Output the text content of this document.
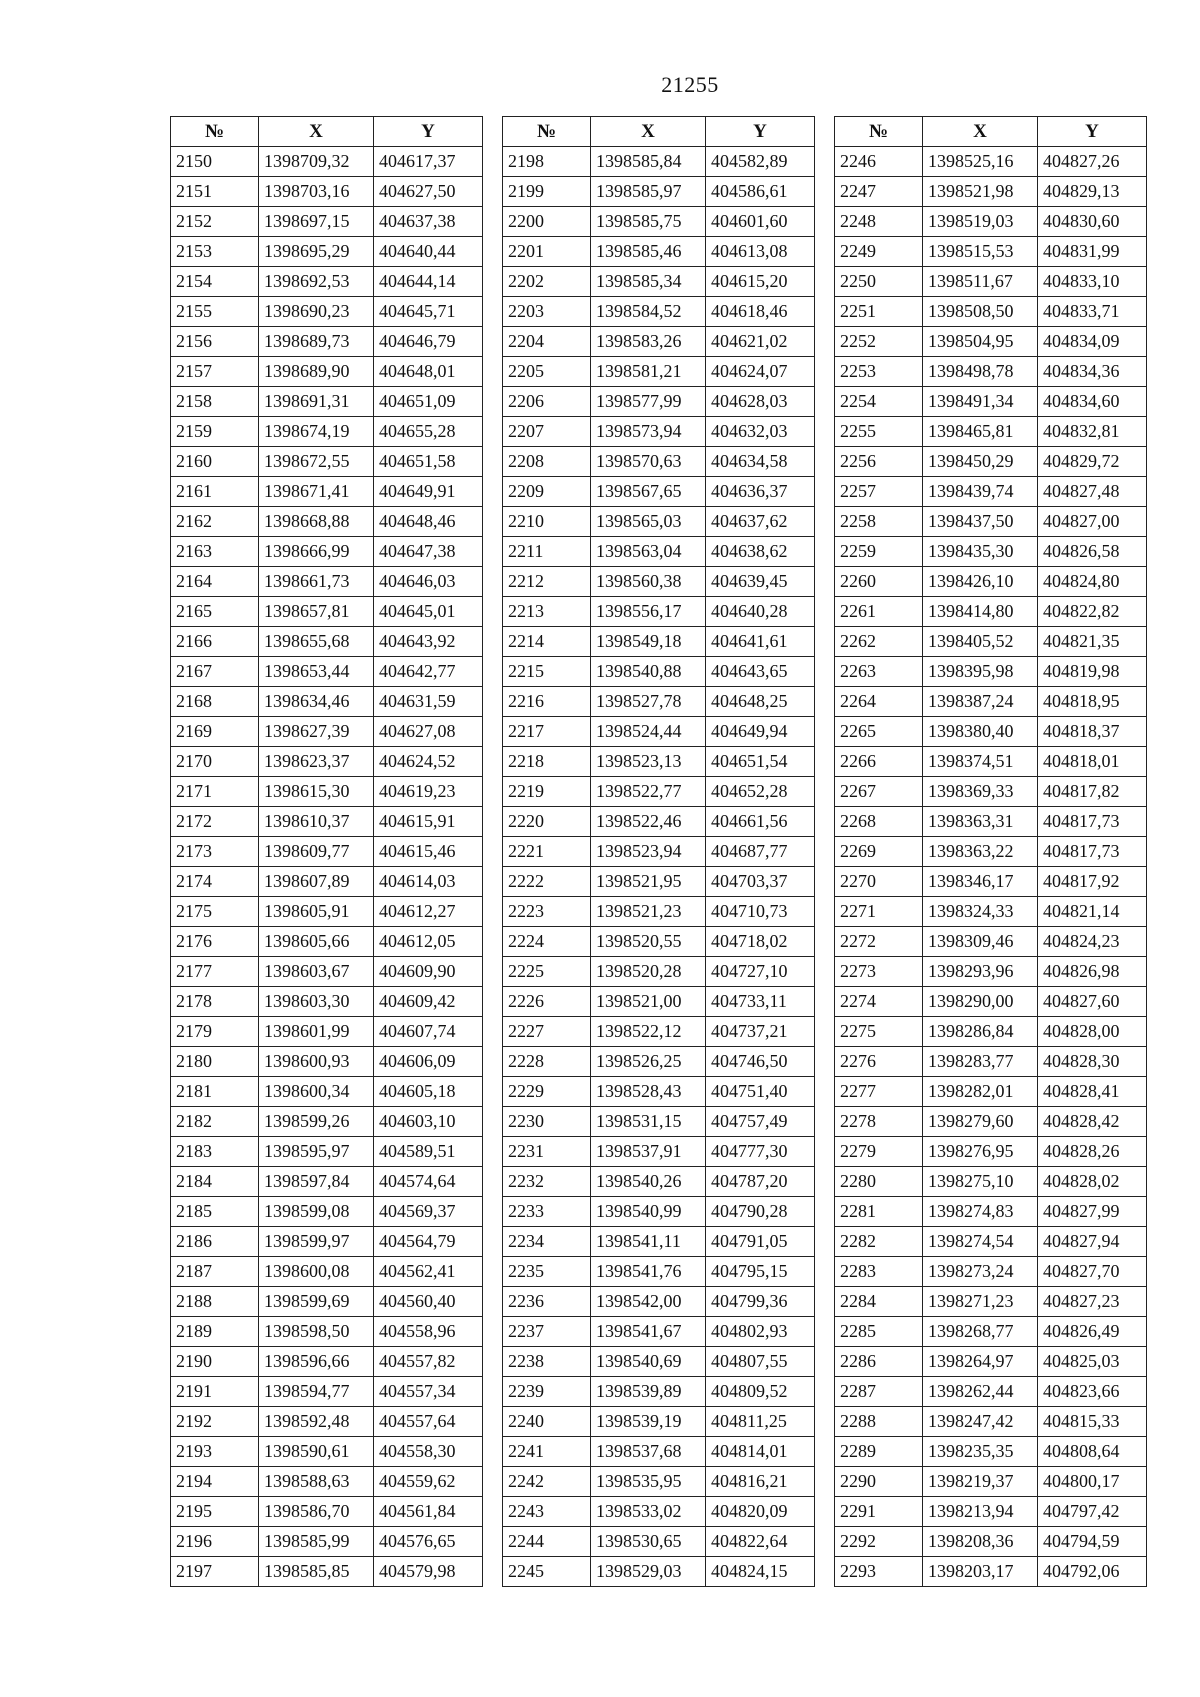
21255
№	X	Y
2150	1398709,32	404617,37
2151	1398703,16	404627,50
2152	1398697,15	404637,38
2153	1398695,29	404640,44
2154	1398692,53	404644,14
2155	1398690,23	404645,71
2156	1398689,73	404646,79
2157	1398689,90	404648,01
2158	1398691,31	404651,09
2159	1398674,19	404655,28
2160	1398672,55	404651,58
2161	1398671,41	404649,91
2162	1398668,88	404648,46
2163	1398666,99	404647,38
2164	1398661,73	404646,03
2165	1398657,81	404645,01
2166	1398655,68	404643,92
2167	1398653,44	404642,77
2168	1398634,46	404631,59
2169	1398627,39	404627,08
2170	1398623,37	404624,52
2171	1398615,30	404619,23
2172	1398610,37	404615,91
2173	1398609,77	404615,46
2174	1398607,89	404614,03
2175	1398605,91	404612,27
2176	1398605,66	404612,05
2177	1398603,67	404609,90
2178	1398603,30	404609,42
2179	1398601,99	404607,74
2180	1398600,93	404606,09
2181	1398600,34	404605,18
2182	1398599,26	404603,10
2183	1398595,97	404589,51
2184	1398597,84	404574,64
2185	1398599,08	404569,37
2186	1398599,97	404564,79
2187	1398600,08	404562,41
2188	1398599,69	404560,40
2189	1398598,50	404558,96
2190	1398596,66	404557,82
2191	1398594,77	404557,34
2192	1398592,48	404557,64
2193	1398590,61	404558,30
2194	1398588,63	404559,62
2195	1398586,70	404561,84
2196	1398585,99	404576,65
2197	1398585,85	404579,98
№	X	Y
2198	1398585,84	404582,89
2199	1398585,97	404586,61
2200	1398585,75	404601,60
2201	1398585,46	404613,08
2202	1398585,34	404615,20
2203	1398584,52	404618,46
2204	1398583,26	404621,02
2205	1398581,21	404624,07
2206	1398577,99	404628,03
2207	1398573,94	404632,03
2208	1398570,63	404634,58
2209	1398567,65	404636,37
2210	1398565,03	404637,62
2211	1398563,04	404638,62
2212	1398560,38	404639,45
2213	1398556,17	404640,28
2214	1398549,18	404641,61
2215	1398540,88	404643,65
2216	1398527,78	404648,25
2217	1398524,44	404649,94
2218	1398523,13	404651,54
2219	1398522,77	404652,28
2220	1398522,46	404661,56
2221	1398523,94	404687,77
2222	1398521,95	404703,37
2223	1398521,23	404710,73
2224	1398520,55	404718,02
2225	1398520,28	404727,10
2226	1398521,00	404733,11
2227	1398522,12	404737,21
2228	1398526,25	404746,50
2229	1398528,43	404751,40
2230	1398531,15	404757,49
2231	1398537,91	404777,30
2232	1398540,26	404787,20
2233	1398540,99	404790,28
2234	1398541,11	404791,05
2235	1398541,76	404795,15
2236	1398542,00	404799,36
2237	1398541,67	404802,93
2238	1398540,69	404807,55
2239	1398539,89	404809,52
2240	1398539,19	404811,25
2241	1398537,68	404814,01
2242	1398535,95	404816,21
2243	1398533,02	404820,09
2244	1398530,65	404822,64
2245	1398529,03	404824,15
№	X	Y
2246	1398525,16	404827,26
2247	1398521,98	404829,13
2248	1398519,03	404830,60
2249	1398515,53	404831,99
2250	1398511,67	404833,10
2251	1398508,50	404833,71
2252	1398504,95	404834,09
2253	1398498,78	404834,36
2254	1398491,34	404834,60
2255	1398465,81	404832,81
2256	1398450,29	404829,72
2257	1398439,74	404827,48
2258	1398437,50	404827,00
2259	1398435,30	404826,58
2260	1398426,10	404824,80
2261	1398414,80	404822,82
2262	1398405,52	404821,35
2263	1398395,98	404819,98
2264	1398387,24	404818,95
2265	1398380,40	404818,37
2266	1398374,51	404818,01
2267	1398369,33	404817,82
2268	1398363,31	404817,73
2269	1398363,22	404817,73
2270	1398346,17	404817,92
2271	1398324,33	404821,14
2272	1398309,46	404824,23
2273	1398293,96	404826,98
2274	1398290,00	404827,60
2275	1398286,84	404828,00
2276	1398283,77	404828,30
2277	1398282,01	404828,41
2278	1398279,60	404828,42
2279	1398276,95	404828,26
2280	1398275,10	404828,02
2281	1398274,83	404827,99
2282	1398274,54	404827,94
2283	1398273,24	404827,70
2284	1398271,23	404827,23
2285	1398268,77	404826,49
2286	1398264,97	404825,03
2287	1398262,44	404823,66
2288	1398247,42	404815,33
2289	1398235,35	404808,64
2290	1398219,37	404800,17
2291	1398213,94	404797,42
2292	1398208,36	404794,59
2293	1398203,17	404792,06
